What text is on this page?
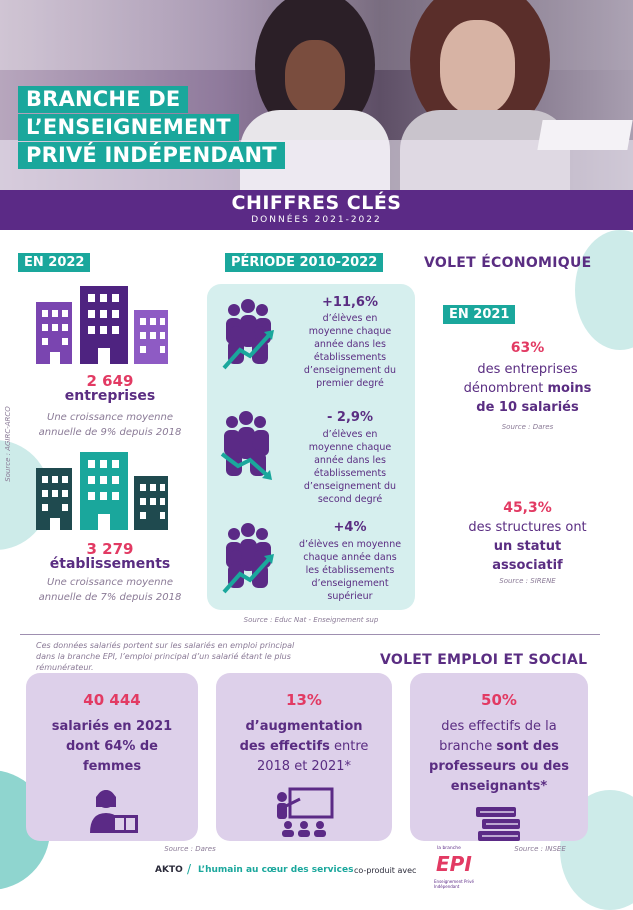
BRANCHE DE
L’ENSEIGNEMENT
PRIVÉ INDÉPENDANT
CHIFFRES CLÉS
DONNÉES 2021-2022
EN 2022
2 649
entreprises
Une croissance moyenne
annuelle de 9% depuis 2018
3 279
établissements
Une croissance moyenne
annuelle de 7% depuis 2018
Source : AGIRC-ARCO
PÉRIODE 2010-2022
+11,6%
d’élèves en
moyenne chaque
année dans les
établissements
d’enseignement du
premier degré
- 2,9%
d’élèves en
moyenne chaque
année dans les
établissements
d’enseignement du
second degré
+4%
d’élèves en moyenne
chaque année dans
les établissements
d’enseignement
supérieur
Source : Educ Nat - Enseignement sup
VOLET ÉCONOMIQUE
EN 2021
63%
des entreprises
dénombrent moins
de 10 salariés
Source : Dares
45,3%
des structures ont
un statut
associatif
Source : SIRENE
Ces données salariés portent sur les salariés en emploi principal
dans la branche EPI, l’emploi principal d’un salarié étant le plus
rémunérateur.	VOLET EMPLOI ET SOCIAL
40 444
salariés en 2021
dont 64% de
femmes
Source : Dares
13%
d’augmentation
des effectifs entre
2018 et 2021*
50%
des effectifs de la
branche sont des
professeurs ou des
enseignants*
Source : INSEE
AKTO / L’humain au cœur des services co-produit avec
la branche
EPI
Enseignement Privé Indépendant
